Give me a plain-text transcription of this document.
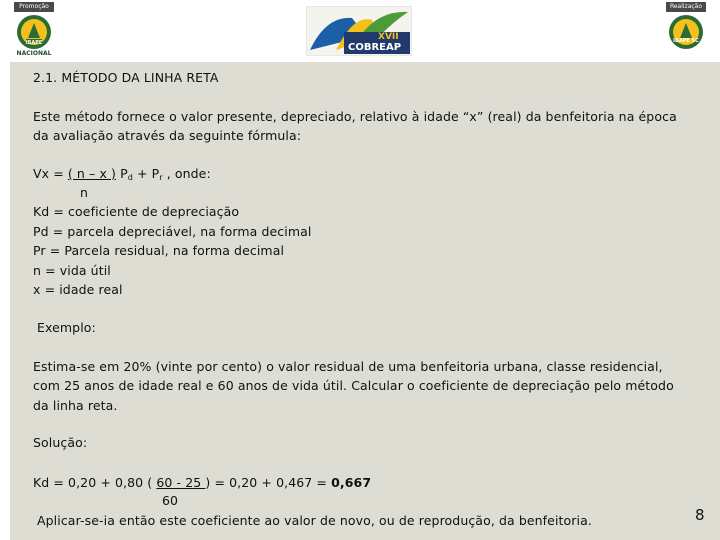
Promoção
NACIONAL
IBAPE
XVII
COBREAP
Realização
IBAPE SC
2.1. MÉTODO DA LINHA RETA
Este método fornece o valor presente, depreciado, relativo à idade “x” (real) da benfeitoria na época
da avaliação através da seguinte fórmula:
Vx = ( n – x ) $P_d + P_r$ , onde:
n
Kd = coeficiente de depreciação
Pd = parcela depreciável, na forma decimal
Pr = Parcela residual, na forma decimal
n = vida útil
x = idade real
Exemplo:
Estima-se em 20% (vinte por cento) o valor residual de uma benfeitoria urbana, classe residencial,
com 25 anos de idade real e 60 anos de vida útil. Calcular o coeficiente de depreciação pelo método
da linha reta.
Solução:
Kd = 0,20 + 0,80 ( 60 - 25 ) = 0,20 + 0,467 = 0,667
60
Aplicar-se-ia então este coeficiente ao valor de novo, ou de reprodução, da benfeitoria.	8
